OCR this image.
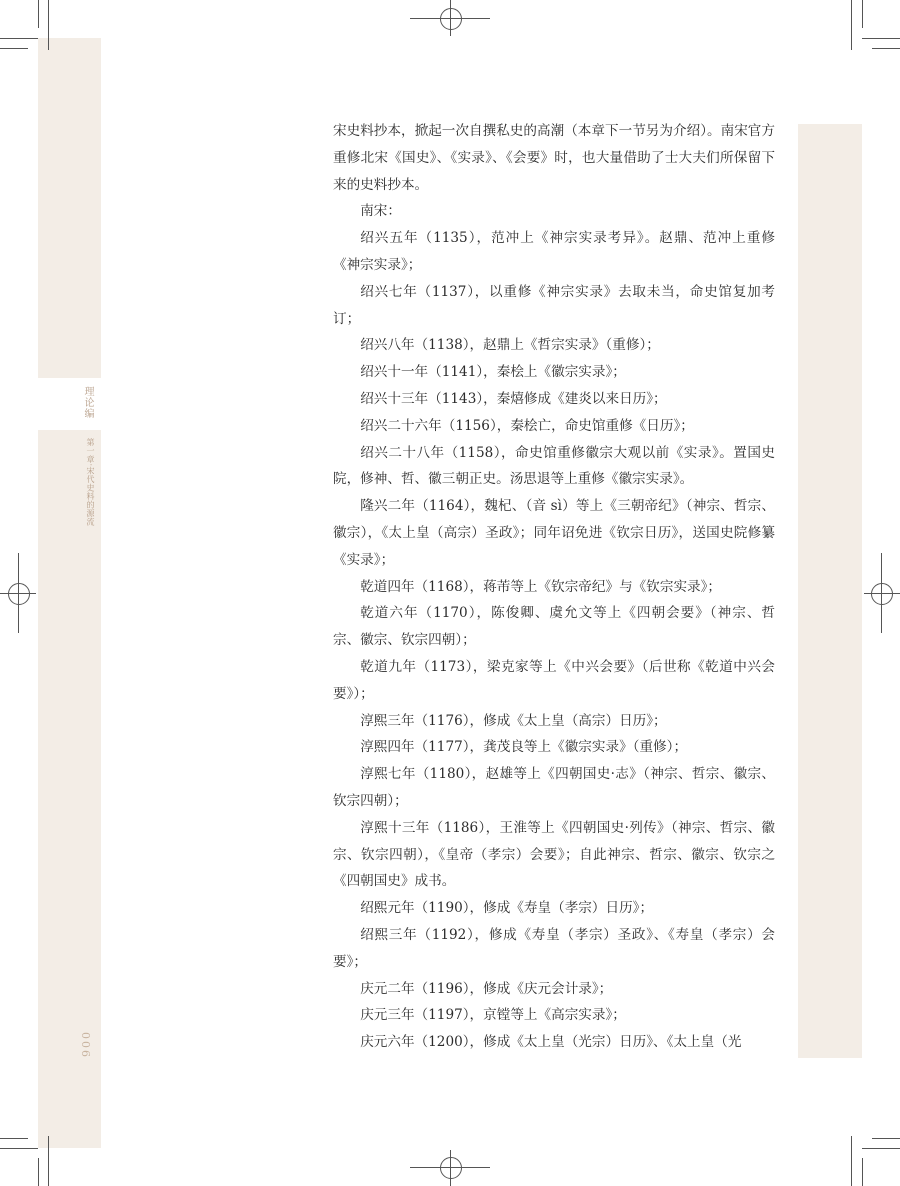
理论编
第一章·宋代史料的源流
006

宋史料抄本，掀起一次自撰私史的高潮（本章下一节另为介绍）。南宋官方重修北宋《国史》、《实录》、《会要》时，也大量借助了士大夫们所保留下来的史料抄本。

南宋：

绍兴五年（1135），范冲上《神宗实录考异》。赵鼎、范冲上重修《神宗实录》；

绍兴七年（1137），以重修《神宗实录》去取未当，命史馆复加考订；

绍兴八年（1138），赵鼎上《哲宗实录》（重修）；

绍兴十一年（1141），秦桧上《徽宗实录》；

绍兴十三年（1143），秦熺修成《建炎以来日历》；

绍兴二十六年（1156），秦桧亡，命史馆重修《日历》；

绍兴二十八年（1158），命史馆重修徽宗大观以前《实录》。置国史院，修神、哲、徽三朝正史。汤思退等上重修《徽宗实录》。

隆兴二年（1164），魏杞、（音 sì）等上《三朝帝纪》（神宗、哲宗、徽宗），《太上皇（高宗）圣政》；同年诏免进《钦宗日历》，送国史院修纂《实录》；

乾道四年（1168），蒋芾等上《钦宗帝纪》与《钦宗实录》；

乾道六年（1170），陈俊卿、虞允文等上《四朝会要》（神宗、哲宗、徽宗、钦宗四朝）；

乾道九年（1173），梁克家等上《中兴会要》（后世称《乾道中兴会要》）；

淳熙三年（1176），修成《太上皇（高宗）日历》；

淳熙四年（1177），龚茂良等上《徽宗实录》（重修）；

淳熙七年（1180），赵雄等上《四朝国史·志》（神宗、哲宗、徽宗、钦宗四朝）；

淳熙十三年（1186），王淮等上《四朝国史·列传》（神宗、哲宗、徽宗、钦宗四朝），《皇帝（孝宗）会要》；自此神宗、哲宗、徽宗、钦宗之《四朝国史》成书。

绍熙元年（1190），修成《寿皇（孝宗）日历》；

绍熙三年（1192），修成《寿皇（孝宗）圣政》、《寿皇（孝宗）会要》；

庆元二年（1196），修成《庆元会计录》；

庆元三年（1197），京镗等上《高宗实录》；

庆元六年（1200），修成《太上皇（光宗）日历》、《太上皇（光
